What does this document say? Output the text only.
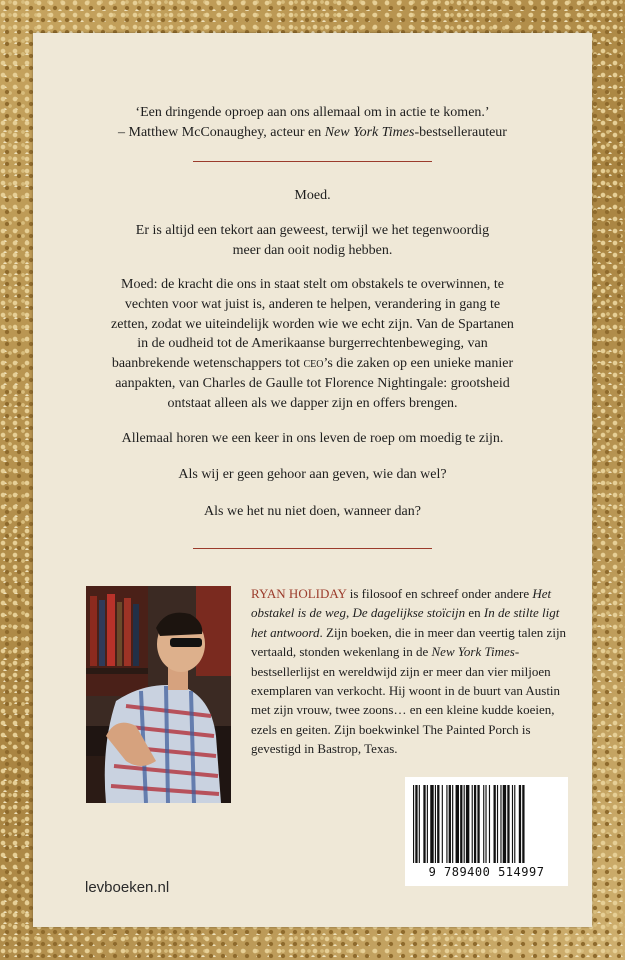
‘Een dringende oproep aan ons allemaal om in actie te komen.’
– Matthew McConaughey, acteur en New York Times-bestsellerauteur

Moed.

Er is altijd een tekort aan geweest, terwijl we het tegenwoordig
meer dan ooit nodig hebben.

Moed: de kracht die ons in staat stelt om obstakels te overwinnen, te
vechten voor wat juist is, anderen te helpen, verandering in gang te
zetten, zodat we uiteindelijk worden wie we echt zijn. Van de Spartanen
in de oudheid tot de Amerikaanse burgerrechtenbeweging, van
baanbrekende wetenschappers tot ceo’s die zaken op een unieke manier
aanpakten, van Charles de Gaulle tot Florence Nightingale: grootsheid
ontstaat alleen als we dapper zijn en offers brengen.

Allemaal horen we een keer in ons leven de roep om moedig te zijn.

Als wij er geen gehoor aan geven, wie dan wel?

Als we het nu niet doen, wanneer dan?

RYAN HOLIDAY is filosoof en schreef onder andere Het obstakel is de weg, De dagelijkse stoïcijn en In de stilte ligt het antwoord. Zijn boeken, die in meer dan veertig talen zijn vertaald, stonden wekenlang in de New York Times-bestsellerlijst en wereldwijd zijn er meer dan vier miljoen exemplaren van verkocht. Hij woont in de buurt van Austin met zijn vrouw, twee zoons… en een kleine kudde koeien, ezels en geiten. Zijn boekwinkel The Painted Porch is gevestigd in Bastrop, Texas.

9 789400 514997
levboeken.nl
